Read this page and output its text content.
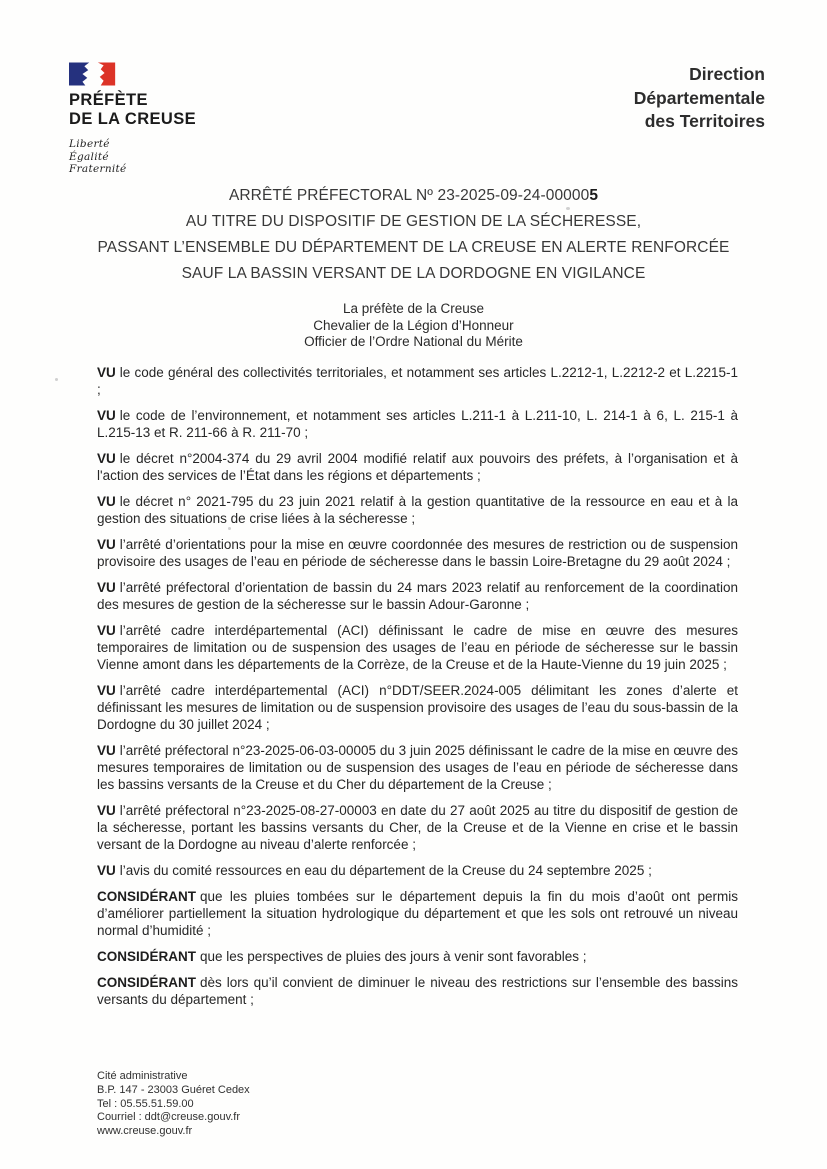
PRÉFÈTE
DE LA CREUSE
Liberté
Égalité
Fraternité
Direction
Départementale
des Territoires
ARRÊTÉ PRÉFECTORAL Nº 23-2025-09-24-000005
AU TITRE DU DISPOSITIF DE GESTION DE LA SÉCHERESSE,
PASSANT L’ENSEMBLE DU DÉPARTEMENT DE LA CREUSE EN ALERTE RENFORCÉE
SAUF LA BASSIN VERSANT DE LA DORDOGNE EN VIGILANCE
La préfète de la Creuse
Chevalier de la Légion d’Honneur
Officier de l’Ordre National du Mérite

VU le code général des collectivités territoriales, et notamment ses articles L.2212-1, L.2212-2 et L.2215-1 ;

VU le code de l’environnement, et notamment ses articles L.211-1 à L.211-10, L. 214-1 à 6, L. 215-1 à L.215-13 et R. 211-66 à R. 211-70 ;

VU le décret n°2004-374 du 29 avril 2004 modifié relatif aux pouvoirs des préfets, à l’organisation et à l'action des services de l’État dans les régions et départements ;

VU le décret n° 2021-795 du 23 juin 2021 relatif à la gestion quantitative de la ressource en eau et à la gestion des situations de crise liées à la sécheresse ;

VU l’arrêté d’orientations pour la mise en œuvre coordonnée des mesures de restriction ou de suspension provisoire des usages de l’eau en période de sécheresse dans le bassin Loire-Bretagne du 29 août 2024 ;

VU l’arrêté préfectoral d’orientation de bassin du 24 mars 2023 relatif au renforcement de la coordination des mesures de gestion de la sécheresse sur le bassin Adour-Garonne ;

VU l’arrêté cadre interdépartemental (ACI) définissant le cadre de mise en œuvre des mesures temporaires de limitation ou de suspension des usages de l’eau en période de sécheresse sur le bassin Vienne amont dans les départements de la Corrèze, de la Creuse et de la Haute-Vienne du 19 juin 2025 ;

VU l’arrêté cadre interdépartemental (ACI) n°DDT/SEER.2024-005 délimitant les zones d’alerte et définissant les mesures de limitation ou de suspension provisoire des usages de l’eau du sous-bassin de la Dordogne du 30 juillet 2024 ;

VU l’arrêté préfectoral n°23-2025-06-03-00005 du 3 juin 2025 définissant le cadre de la mise en œuvre des mesures temporaires de limitation ou de suspension des usages de l’eau en période de sécheresse dans les bassins versants de la Creuse et du Cher du département de la Creuse ;

VU l’arrêté préfectoral n°23-2025-08-27-00003 en date du 27 août 2025 au titre du dispositif de gestion de la sécheresse, portant les bassins versants du Cher, de la Creuse et de la Vienne en crise et le bassin versant de la Dordogne au niveau d’alerte renforcée ;

VU l’avis du comité ressources en eau du département de la Creuse du 24 septembre 2025 ;

CONSIDÉRANT que les pluies tombées sur le département depuis la fin du mois d’août ont permis d’améliorer partiellement la situation hydrologique du département et que les sols ont retrouvé un niveau normal d’humidité ;

CONSIDÉRANT que les perspectives de pluies des jours à venir sont favorables ;

CONSIDÉRANT dès lors qu’il convient de diminuer le niveau des restrictions sur l’ensemble des bassins versants du département ;

Cité administrative
B.P. 147 - 23003 Guéret Cedex
Tel : 05.55.51.59.00
Courriel : ddt@creuse.gouv.fr
www.creuse.gouv.fr
